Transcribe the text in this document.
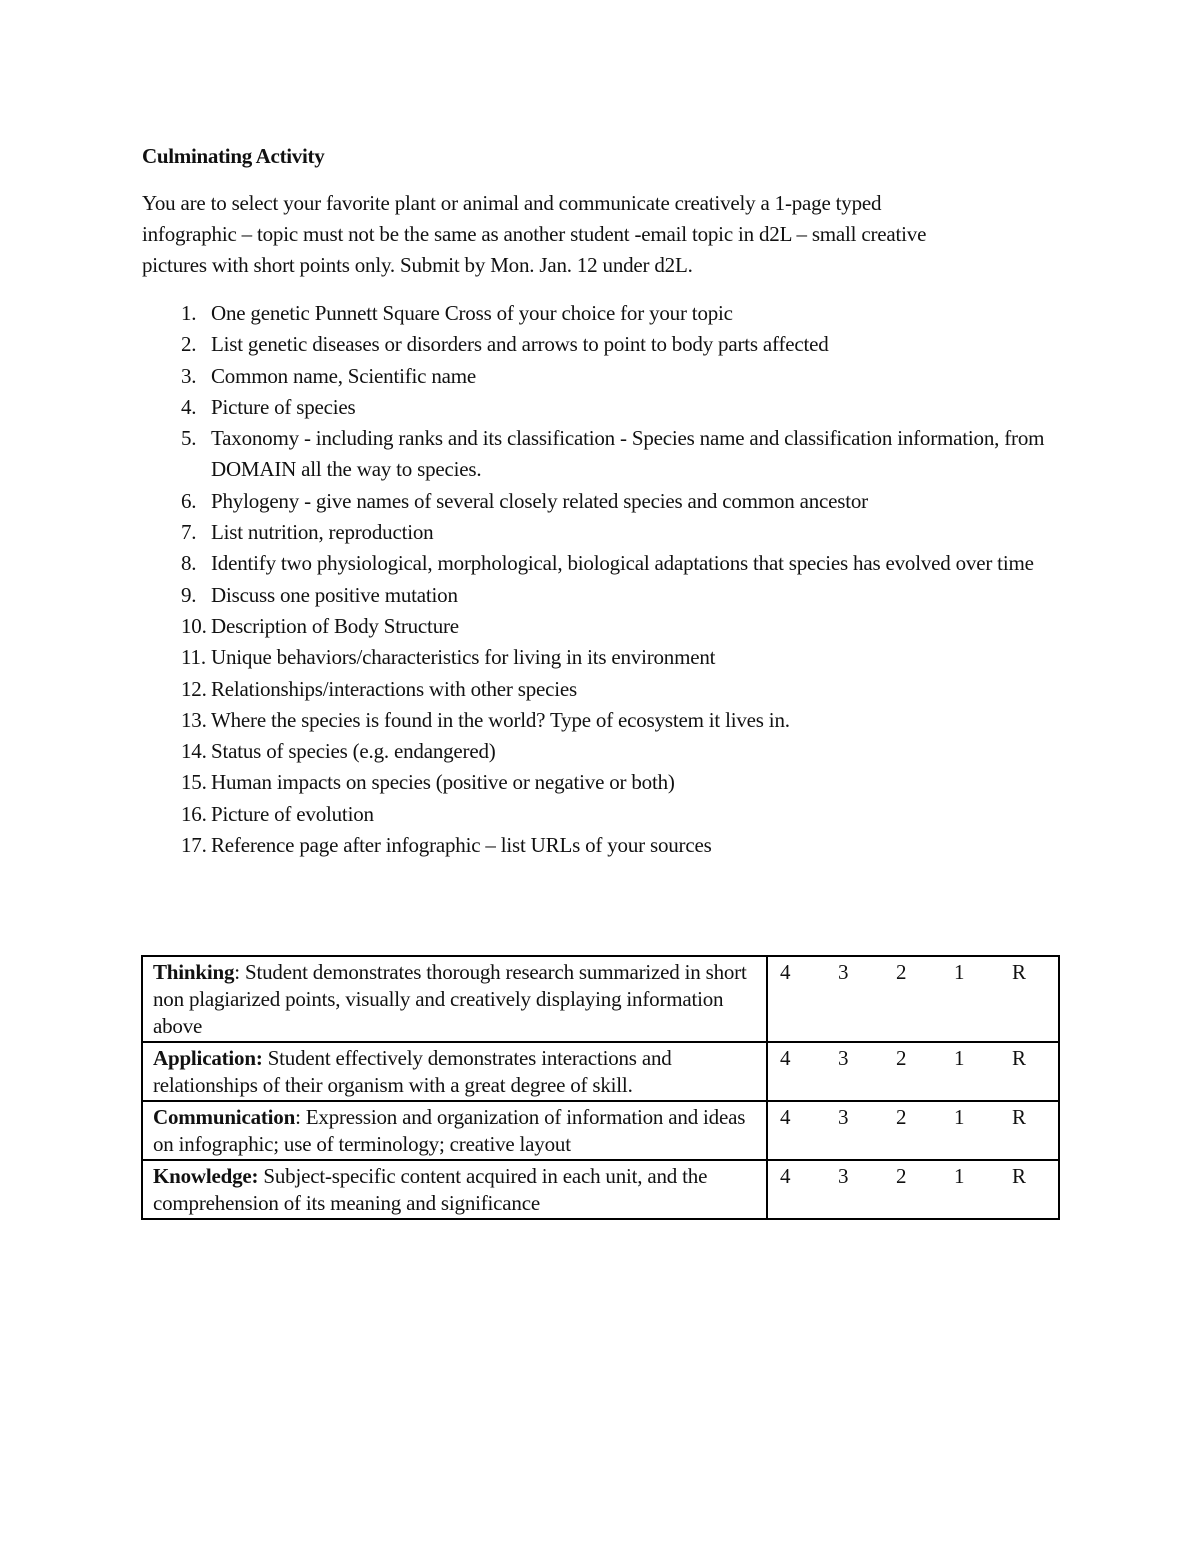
Culminating Activity
You are to select your favorite plant or animal and communicate creatively a 1-page typed
infographic – topic must not be the same as another student -email topic in d2L – small creative
pictures with short points only. Submit by Mon. Jan. 12 under d2L.
1. One genetic Punnett Square Cross of your choice for your topic
2. List genetic diseases or disorders and arrows to point to body parts affected
3. Common name, Scientific name
4. Picture of species
5. Taxonomy - including ranks and its classification - Species name and classification information, from DOMAIN all the way to species.
6. Phylogeny - give names of several closely related species and common ancestor
7. List nutrition, reproduction
8. Identify two physiological, morphological, biological adaptations that species has evolved over time
9. Discuss one positive mutation
10. Description of Body Structure
11. Unique behaviors/characteristics for living in its environment
12. Relationships/interactions with other species
13. Where the species is found in the world? Type of ecosystem it lives in.
14. Status of species (e.g. endangered)
15. Human impacts on species (positive or negative or both)
16. Picture of evolution
17. Reference page after infographic – list URLs of your sources
Thinking: Student demonstrates thorough research summarized in short non plagiarized points, visually and creatively displaying information above	4 3 2 1 R

Application: Student effectively demonstrates interactions and relationships of their organism with a great degree of skill.	4 3 2 1 R

Communication: Expression and organization of information and ideas on infographic; use of terminology; creative layout	4 3 2 1 R

Knowledge: Subject-specific content acquired in each unit, and the comprehension of its meaning and significance	4 3 2 1 R
